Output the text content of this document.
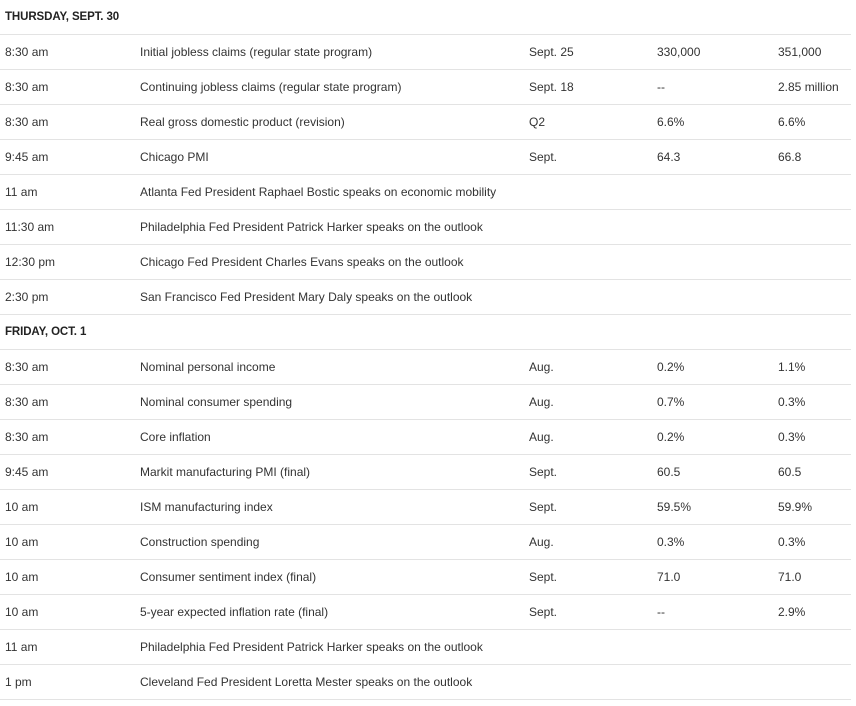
THURSDAY, SEPT. 30
8:30 am	Initial jobless claims (regular state program)	Sept. 25	330,000	351,000
8:30 am	Continuing jobless claims (regular state program)	Sept. 18	--	2.85 million
8:30 am	Real gross domestic product (revision)	Q2	6.6%	6.6%
9:45 am	Chicago PMI	Sept.	64.3	66.8
11 am	Atlanta Fed President Raphael Bostic speaks on economic mobility
11:30 am	Philadelphia Fed President Patrick Harker speaks on the outlook
12:30 pm	Chicago Fed President Charles Evans speaks on the outlook
2:30 pm	San Francisco Fed President Mary Daly speaks on the outlook
FRIDAY, OCT. 1
8:30 am	Nominal personal income	Aug.	0.2%	1.1%
8:30 am	Nominal consumer spending	Aug.	0.7%	0.3%
8:30 am	Core inflation	Aug.	0.2%	0.3%
9:45 am	Markit manufacturing PMI (final)	Sept.	60.5	60.5
10 am	ISM manufacturing index	Sept.	59.5%	59.9%
10 am	Construction spending	Aug.	0.3%	0.3%
10 am	Consumer sentiment index (final)	Sept.	71.0	71.0
10 am	5-year expected inflation rate (final)	Sept.	--	2.9%
11 am	Philadelphia Fed President Patrick Harker speaks on the outlook
1 pm	Cleveland Fed President Loretta Mester speaks on the outlook
